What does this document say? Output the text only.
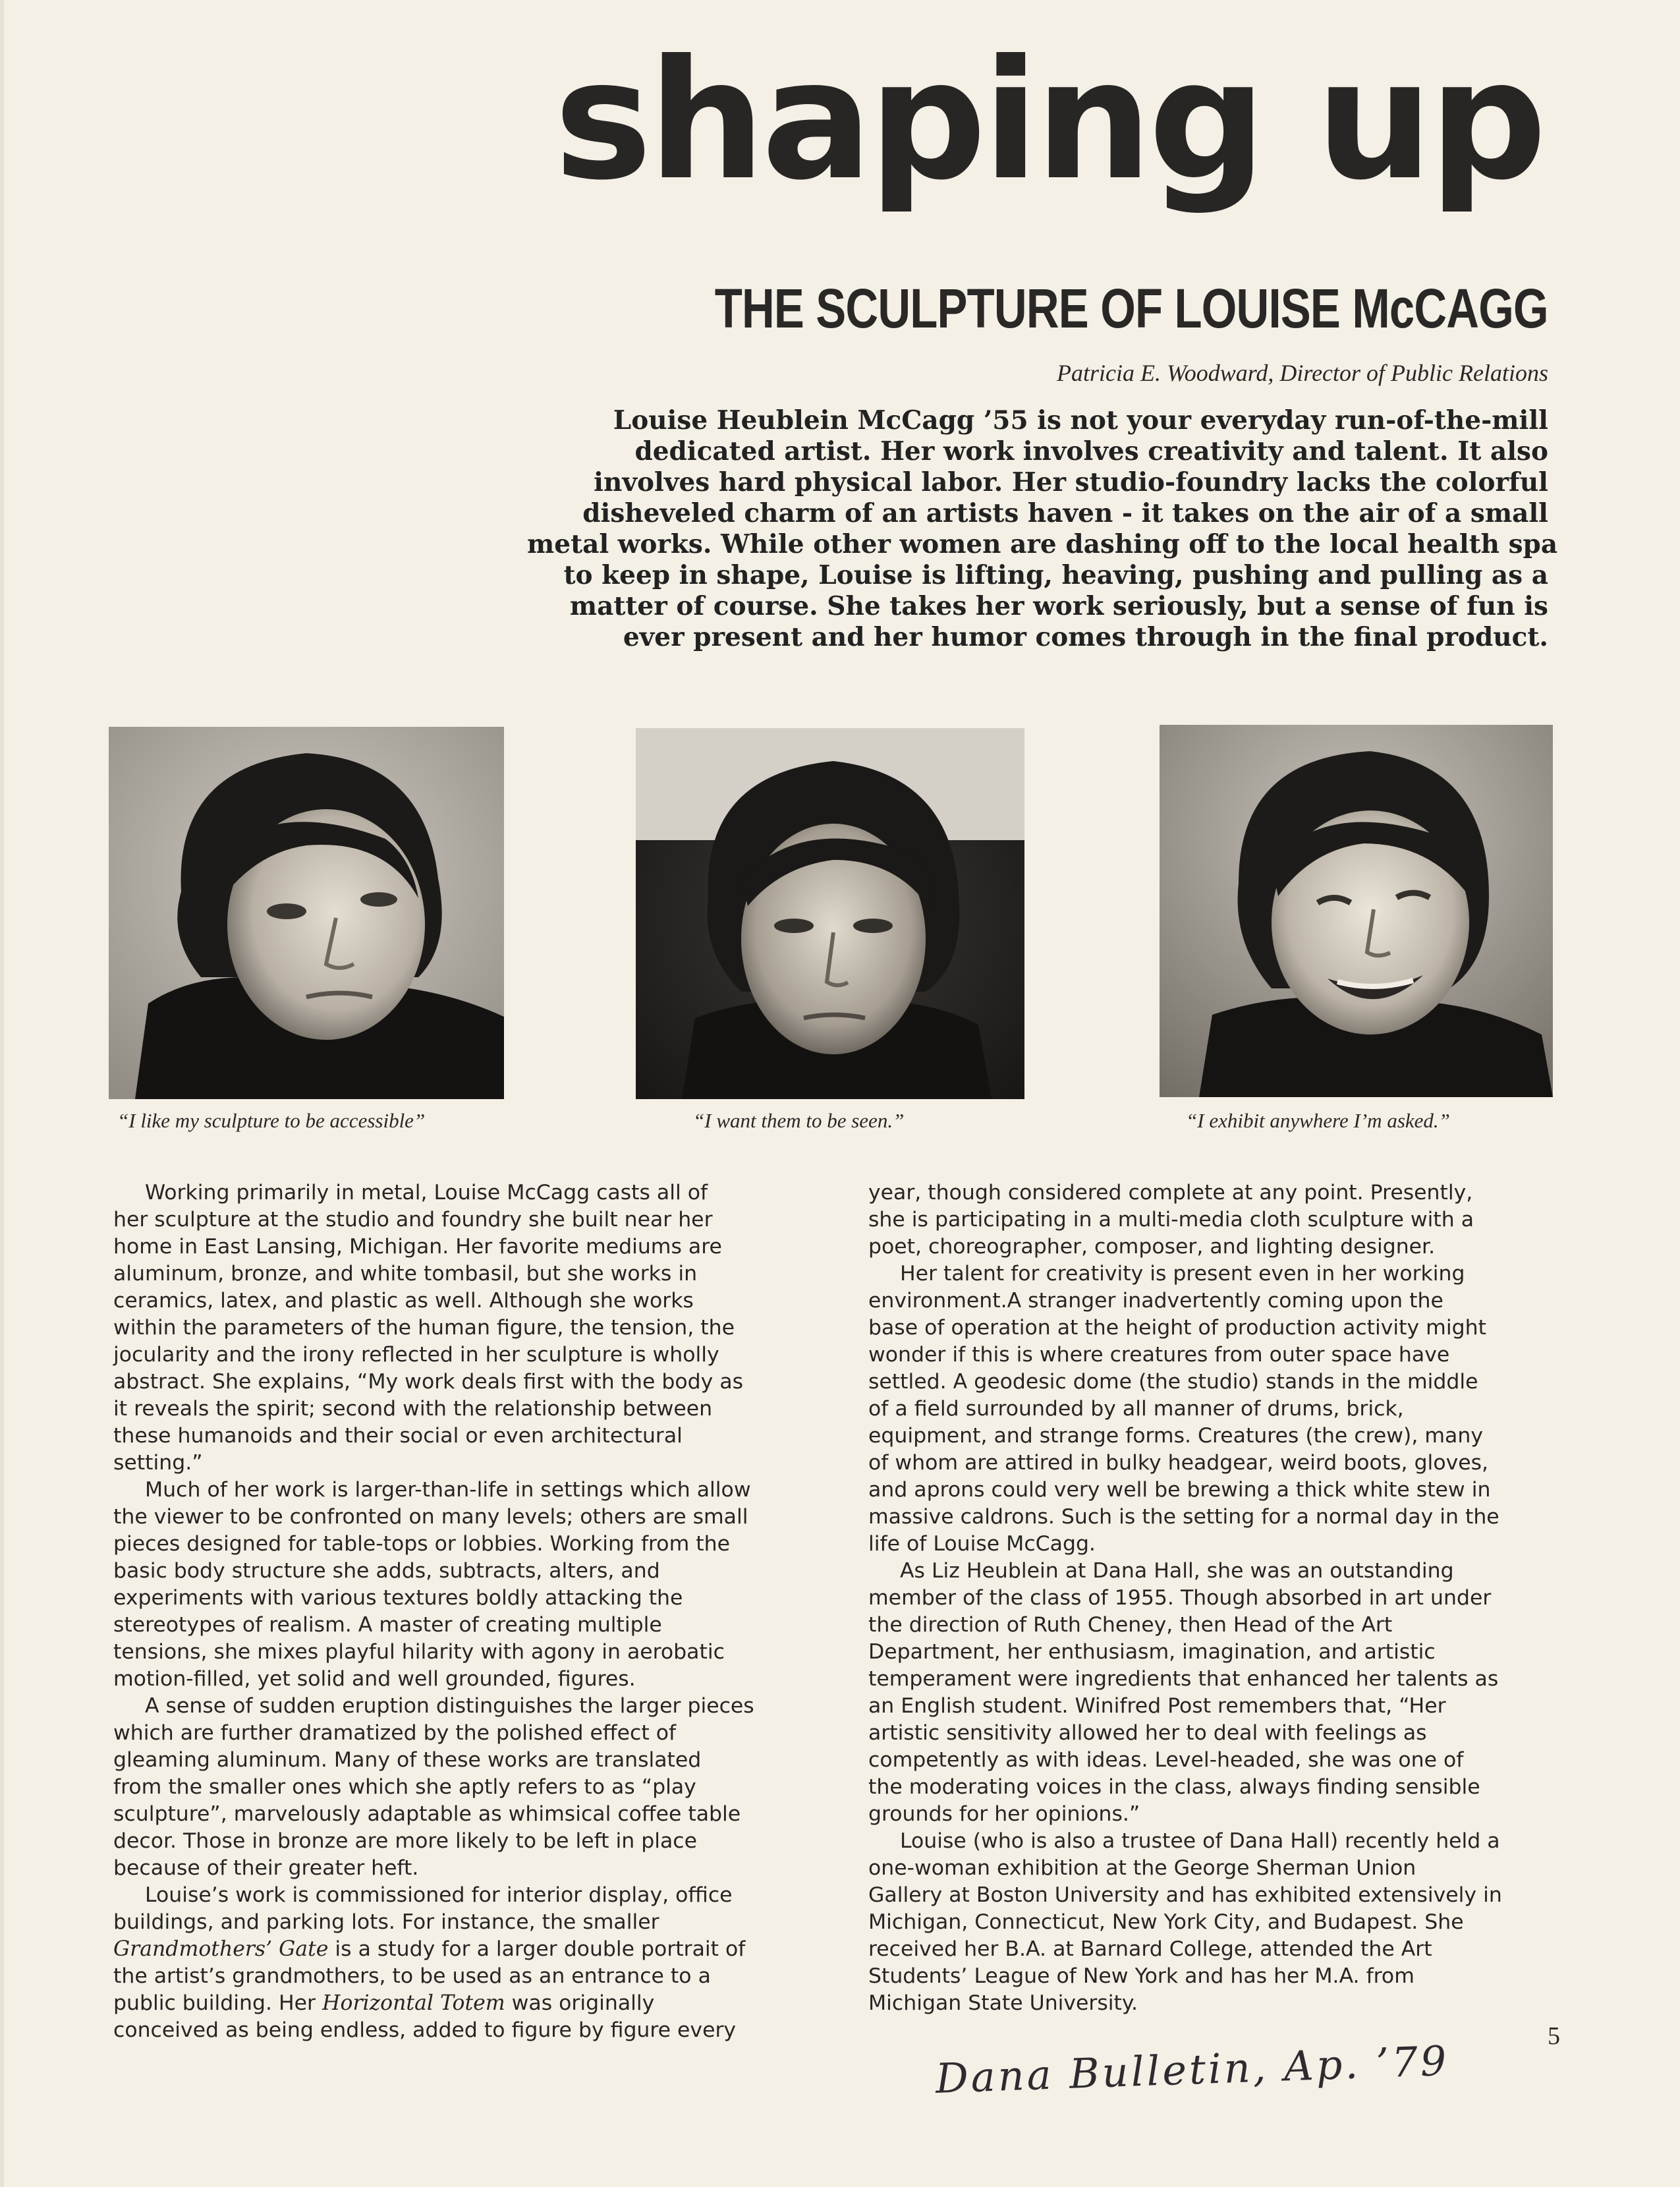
shaping up
THE SCULPTURE OF LOUISE McCAGG
Patricia E. Woodward, Director of Public Relations
Louise Heublein McCagg ’55 is not your everyday run-of-the-mill
dedicated artist. Her work involves creativity and talent. It also
involves hard physical labor. Her studio-foundry lacks the colorful
disheveled charm of an artists haven - it takes on the air of a small
metal works. While other women are dashing off to the local health spa
to keep in shape, Louise is lifting, heaving, pushing and pulling as a
matter of course. She takes her work seriously, but a sense of fun is
ever present and her humor comes through in the final product.
“I like my sculpture to be accessible”	“I want them to be seen.”	“I exhibit anywhere I’m asked.”
Working primarily in metal, Louise McCagg casts all of
her sculpture at the studio and foundry she built near her
home in East Lansing, Michigan. Her favorite mediums are
aluminum, bronze, and white tombasil, but she works in
ceramics, latex, and plastic as well. Although she works
within the parameters of the human figure, the tension, the
jocularity and the irony reflected in her sculpture is wholly
abstract. She explains, “My work deals first with the body as
it reveals the spirit; second with the relationship between
these humanoids and their social or even architectural
setting.”
Much of her work is larger-than-life in settings which allow
the viewer to be confronted on many levels; others are small
pieces designed for table-tops or lobbies. Working from the
basic body structure she adds, subtracts, alters, and
experiments with various textures boldly attacking the
stereotypes of realism. A master of creating multiple
tensions, she mixes playful hilarity with agony in aerobatic
motion-filled, yet solid and well grounded, figures.
A sense of sudden eruption distinguishes the larger pieces
which are further dramatized by the polished effect of
gleaming aluminum. Many of these works are translated
from the smaller ones which she aptly refers to as “play
sculpture”, marvelously adaptable as whimsical coffee table
decor. Those in bronze are more likely to be left in place
because of their greater heft.
Louise’s work is commissioned for interior display, office
buildings, and parking lots. For instance, the smaller
Grandmothers’ Gate is a study for a larger double portrait of
the artist’s grandmothers, to be used as an entrance to a
public building. Her Horizontal Totem was originally
conceived as being endless, added to figure by figure every
year, though considered complete at any point. Presently,
she is participating in a multi-media cloth sculpture with a
poet, choreographer, composer, and lighting designer.
Her talent for creativity is present even in her working
environment.A stranger inadvertently coming upon the
base of operation at the height of production activity might
wonder if this is where creatures from outer space have
settled. A geodesic dome (the studio) stands in the middle
of a field surrounded by all manner of drums, brick,
equipment, and strange forms. Creatures (the crew), many
of whom are attired in bulky headgear, weird boots, gloves,
and aprons could very well be brewing a thick white stew in
massive caldrons. Such is the setting for a normal day in the
life of Louise McCagg.
As Liz Heublein at Dana Hall, she was an outstanding
member of the class of 1955. Though absorbed in art under
the direction of Ruth Cheney, then Head of the Art
Department, her enthusiasm, imagination, and artistic
temperament were ingredients that enhanced her talents as
an English student. Winifred Post remembers that, “Her
artistic sensitivity allowed her to deal with feelings as
competently as with ideas. Level-headed, she was one of
the moderating voices in the class, always finding sensible
grounds for her opinions.”
Louise (who is also a trustee of Dana Hall) recently held a
one-woman exhibition at the George Sherman Union
Gallery at Boston University and has exhibited extensively in
Michigan, Connecticut, New York City, and Budapest. She
received her B.A. at Barnard College, attended the Art
Students’ League of New York and has her M.A. from
Michigan State University.
5
Dana Bulletin, Ap. ’79
